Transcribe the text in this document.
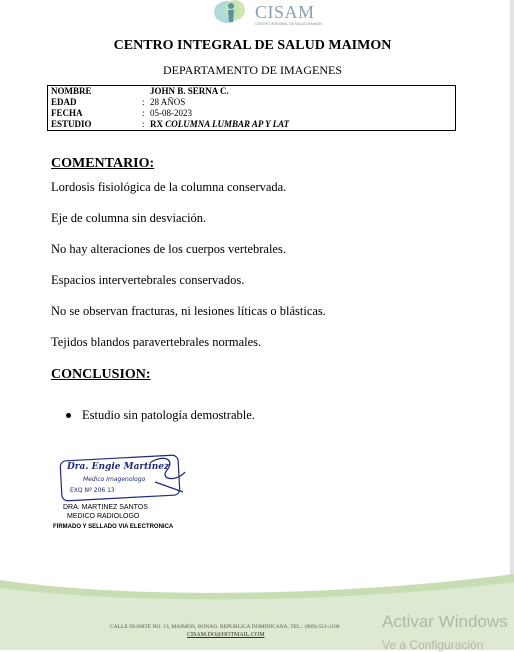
CISAM
CENTRO INTEGRAL DE SALUD MAIMON
CENTRO INTEGRAL DE SALUD MAIMON
DEPARTAMENTO DE IMAGENES
NOMBRE	JOHN B. SERNA C.
EDAD	: 28 AÑOS
FECHA	: 05-08-2023
ESTUDIO	: RX COLUMNA LUMBAR AP Y LAT
COMENTARIO:
Lordosis fisiológica de la columna conservada.
Eje de columna sin desviación.
No hay alteraciones de los cuerpos vertebrales.
Espacios intervertebrales conservados.
No se observan fracturas, ni lesiones líticas o blásticas.
Tejidos blandos paravertebrales normales.
CONCLUSION:
Estudio sin patología demostrable.
Dra. Engie Martinez
Medico Imagenologo
EXQ Nº 206 13
DRA. MARTINEZ SANTOS
MEDICO RADIOLOGO
FIRMADO Y SELLADO VIA ELECTRONICA
CALLE DUARTE NO. 13, MAIMÓN, BONAO, REPUBLICA DOMINICANA, TEL.: (809)-551-2100
CISAM.DO@HOTMAIL.COM
Activar Windows
Ve a Configuración
